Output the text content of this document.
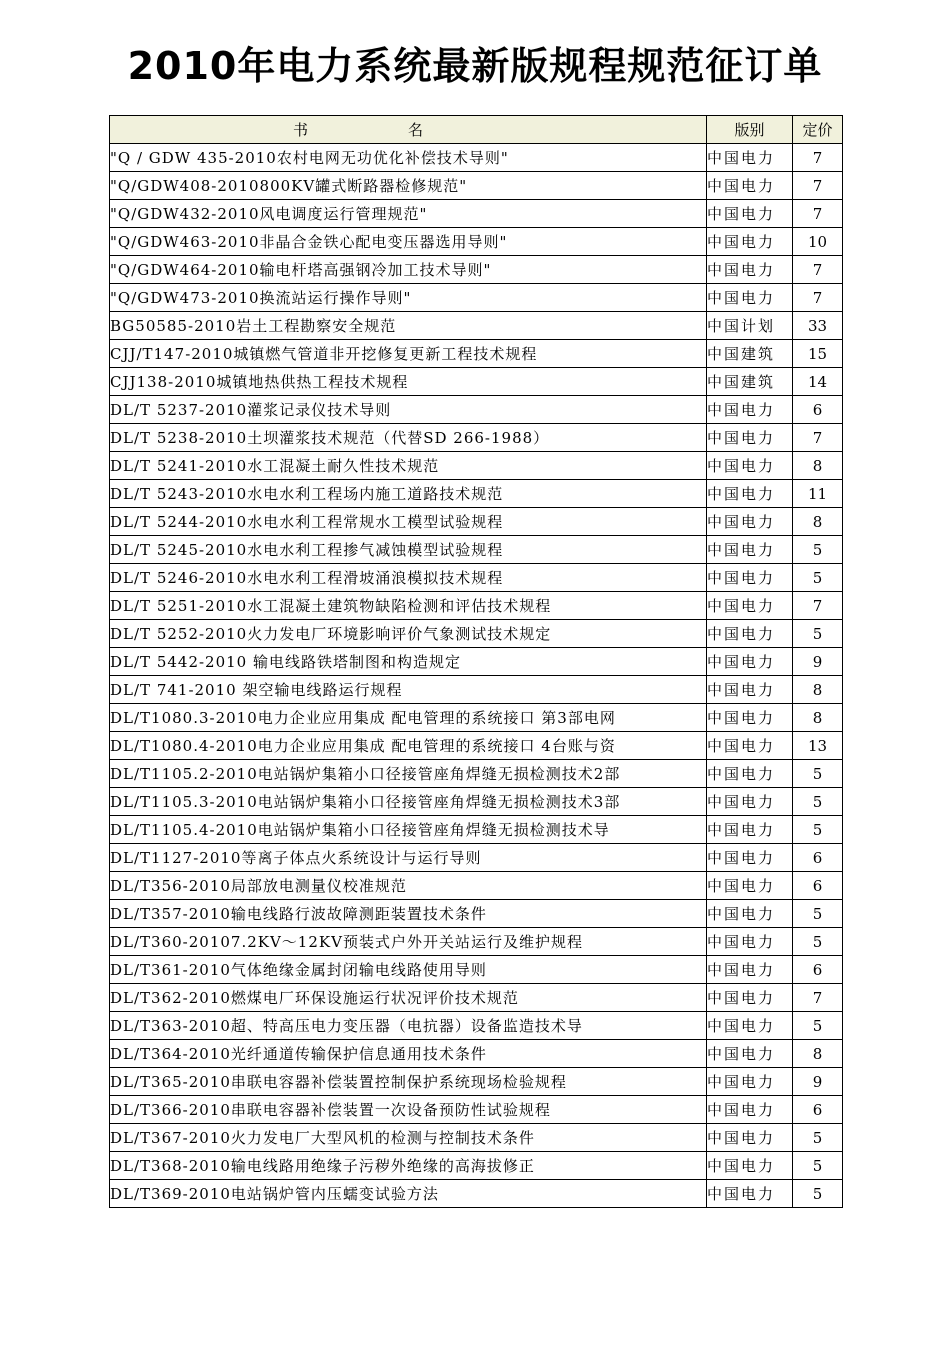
2010年电力系统最新版规程规范征订单
书名	版别	定价
"Q / GDW 435-2010农村电网无功优化补偿技术导则"	中国电力	7
"Q/GDW408-2010800KV罐式断路器检修规范"	中国电力	7
"Q/GDW432-2010风电调度运行管理规范"	中国电力	7
"Q/GDW463-2010非晶合金铁心配电变压器选用导则"	中国电力	10
"Q/GDW464-2010输电杆塔高强钢冷加工技术导则"	中国电力	7
"Q/GDW473-2010换流站运行操作导则"	中国电力	7
BG50585-2010岩土工程勘察安全规范	中国计划	33
CJJ/T147-2010城镇燃气管道非开挖修复更新工程技术规程	中国建筑	15
CJJ138-2010城镇地热供热工程技术规程	中国建筑	14
DL/T 5237-2010灌浆记录仪技术导则	中国电力	6
DL/T 5238-2010土坝灌浆技术规范（代替SD 266-1988）	中国电力	7
DL/T 5241-2010水工混凝土耐久性技术规范	中国电力	8
DL/T 5243-2010水电水利工程场内施工道路技术规范	中国电力	11
DL/T 5244-2010水电水利工程常规水工模型试验规程	中国电力	8
DL/T 5245-2010水电水利工程掺气减蚀模型试验规程	中国电力	5
DL/T 5246-2010水电水利工程滑坡涌浪模拟技术规程	中国电力	5
DL/T 5251-2010水工混凝土建筑物缺陷检测和评估技术规程	中国电力	7
DL/T 5252-2010火力发电厂环境影响评价气象测试技术规定	中国电力	5
DL/T 5442-2010 输电线路铁塔制图和构造规定	中国电力	9
DL/T 741-2010 架空输电线路运行规程	中国电力	8
DL/T1080.3-2010电力企业应用集成 配电管理的系统接口 第3部电网	中国电力	8
DL/T1080.4-2010电力企业应用集成 配电管理的系统接口 4台账与资	中国电力	13
DL/T1105.2-2010电站锅炉集箱小口径接管座角焊缝无损检测技术2部	中国电力	5
DL/T1105.3-2010电站锅炉集箱小口径接管座角焊缝无损检测技术3部	中国电力	5
DL/T1105.4-2010电站锅炉集箱小口径接管座角焊缝无损检测技术导	中国电力	5
DL/T1127-2010等离子体点火系统设计与运行导则	中国电力	6
DL/T356-2010局部放电测量仪校准规范	中国电力	6
DL/T357-2010输电线路行波故障测距装置技术条件	中国电力	5
DL/T360-20107.2KV～12KV预装式户外开关站运行及维护规程	中国电力	5
DL/T361-2010气体绝缘金属封闭输电线路使用导则	中国电力	6
DL/T362-2010燃煤电厂环保设施运行状况评价技术规范	中国电力	7
DL/T363-2010超、特高压电力变压器（电抗器）设备监造技术导	中国电力	5
DL/T364-2010光纤通道传输保护信息通用技术条件	中国电力	8
DL/T365-2010串联电容器补偿装置控制保护系统现场检验规程	中国电力	9
DL/T366-2010串联电容器补偿装置一次设备预防性试验规程	中国电力	6
DL/T367-2010火力发电厂大型风机的检测与控制技术条件	中国电力	5
DL/T368-2010输电线路用绝缘子污秽外绝缘的高海拔修正	中国电力	5
DL/T369-2010电站锅炉管内压蠕变试验方法	中国电力	5
